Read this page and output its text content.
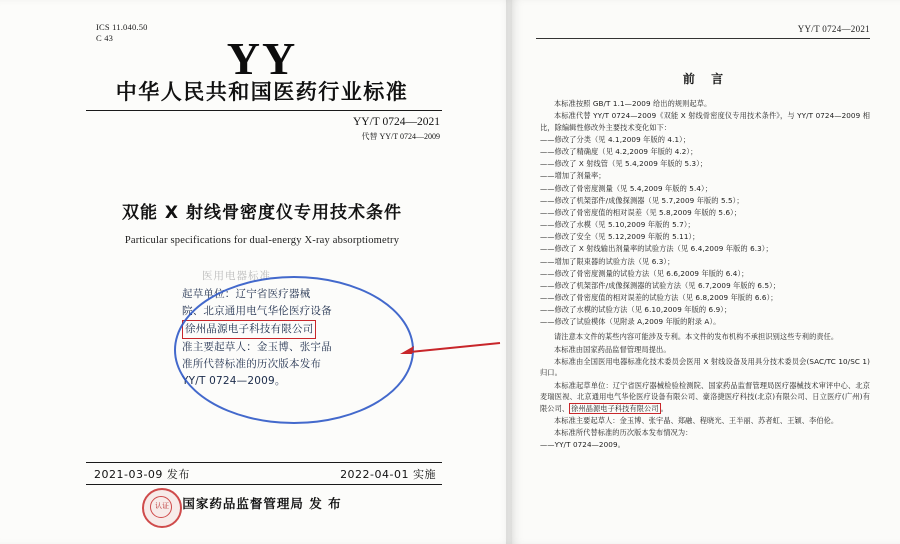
ICS 11.040.50
C 43	YY
中华人民共和国医药行业标准
YY/T 0724—2021
代替 YY/T 0724—2009
双能 X 射线骨密度仪专用技术条件
Particular specifications for dual-energy X-ray absorptiometry
医用电器标准
起草单位：辽宁省医疗器械
院、北京通用电气华伦医疗设备
徐州晶源电子科技有限公司
准主要起草人：金玉博、张宇晶
准所代替标准的历次版本发布
YY/T 0724—2009。
2021-03-09 发布	2022-04-01 实施
认证	国家药品监督管理局 发 布
YY/T 0724—2021
前 言

本标准按照 GB/T 1.1—2009 给出的规则起草。

本标准代替 YY/T 0724—2009《双能 X 射线骨密度仪专用技术条件》，与 YY/T 0724—2009 相比，除编辑性修改外主要技术变化如下：

——修改了分类（见 4.1,2009 年版的 4.1）；

——修改了精确度（见 4.2,2009 年版的 4.2）；

——修改了 X 射线管（见 5.4,2009 年版的 5.3）；

——增加了剂量率；

——修改了骨密度测量（见 5.4,2009 年版的 5.4）；

——修改了机架部件/成像探测器（见 5.7,2009 年版的 5.5）；

——修改了骨密度值的相对误差（见 5.8,2009 年版的 5.6）；

——修改了水模（见 5.10,2009 年版的 5.7）；

——修改了安全（见 5.12,2009 年版的 5.11）；

——修改了 X 射线输出剂量率的试验方法（见 6.4,2009 年版的 6.3）；

——增加了限束器的试验方法（见 6.3）；

——修改了骨密度测量的试验方法（见 6.6,2009 年版的 6.4）；

——修改了机架部件/成像探测器的试验方法（见 6.7,2009 年版的 6.5）；

——修改了骨密度值的相对误差的试验方法（见 6.8,2009 年版的 6.6）；

——修改了水模的试验方法（见 6.10,2009 年版的 6.9）；

——修改了试验模体（见附录 A,2009 年版的附录 A）。

请注意本文件的某些内容可能涉及专利。本文件的发布机构不承担识别这些专利的责任。

本标准由国家药品监督管理局提出。

本标准由全国医用电器标准化技术委员会医用 X 射线设备及用具分技术委员会(SAC/TC 10/SC 1)归口。

本标准起草单位：辽宁省医疗器械检验检测院、国家药品监督管理局医疗器械技术审评中心、北京麦瑞医视、北京通用电气华伦医疗设备有限公司、豪洛捷医疗科技(北京)有限公司、日立医疗(广州)有限公司、 徐州晶源电子科技有限公司 。

本标准主要起草人：金玉博、张宇晶、郑融、程晓光、王半丽、苏者虹、王颖、李伯伦。

本标准所代替标准的历次版本发布情况为：

——YY/T 0724—2009。
